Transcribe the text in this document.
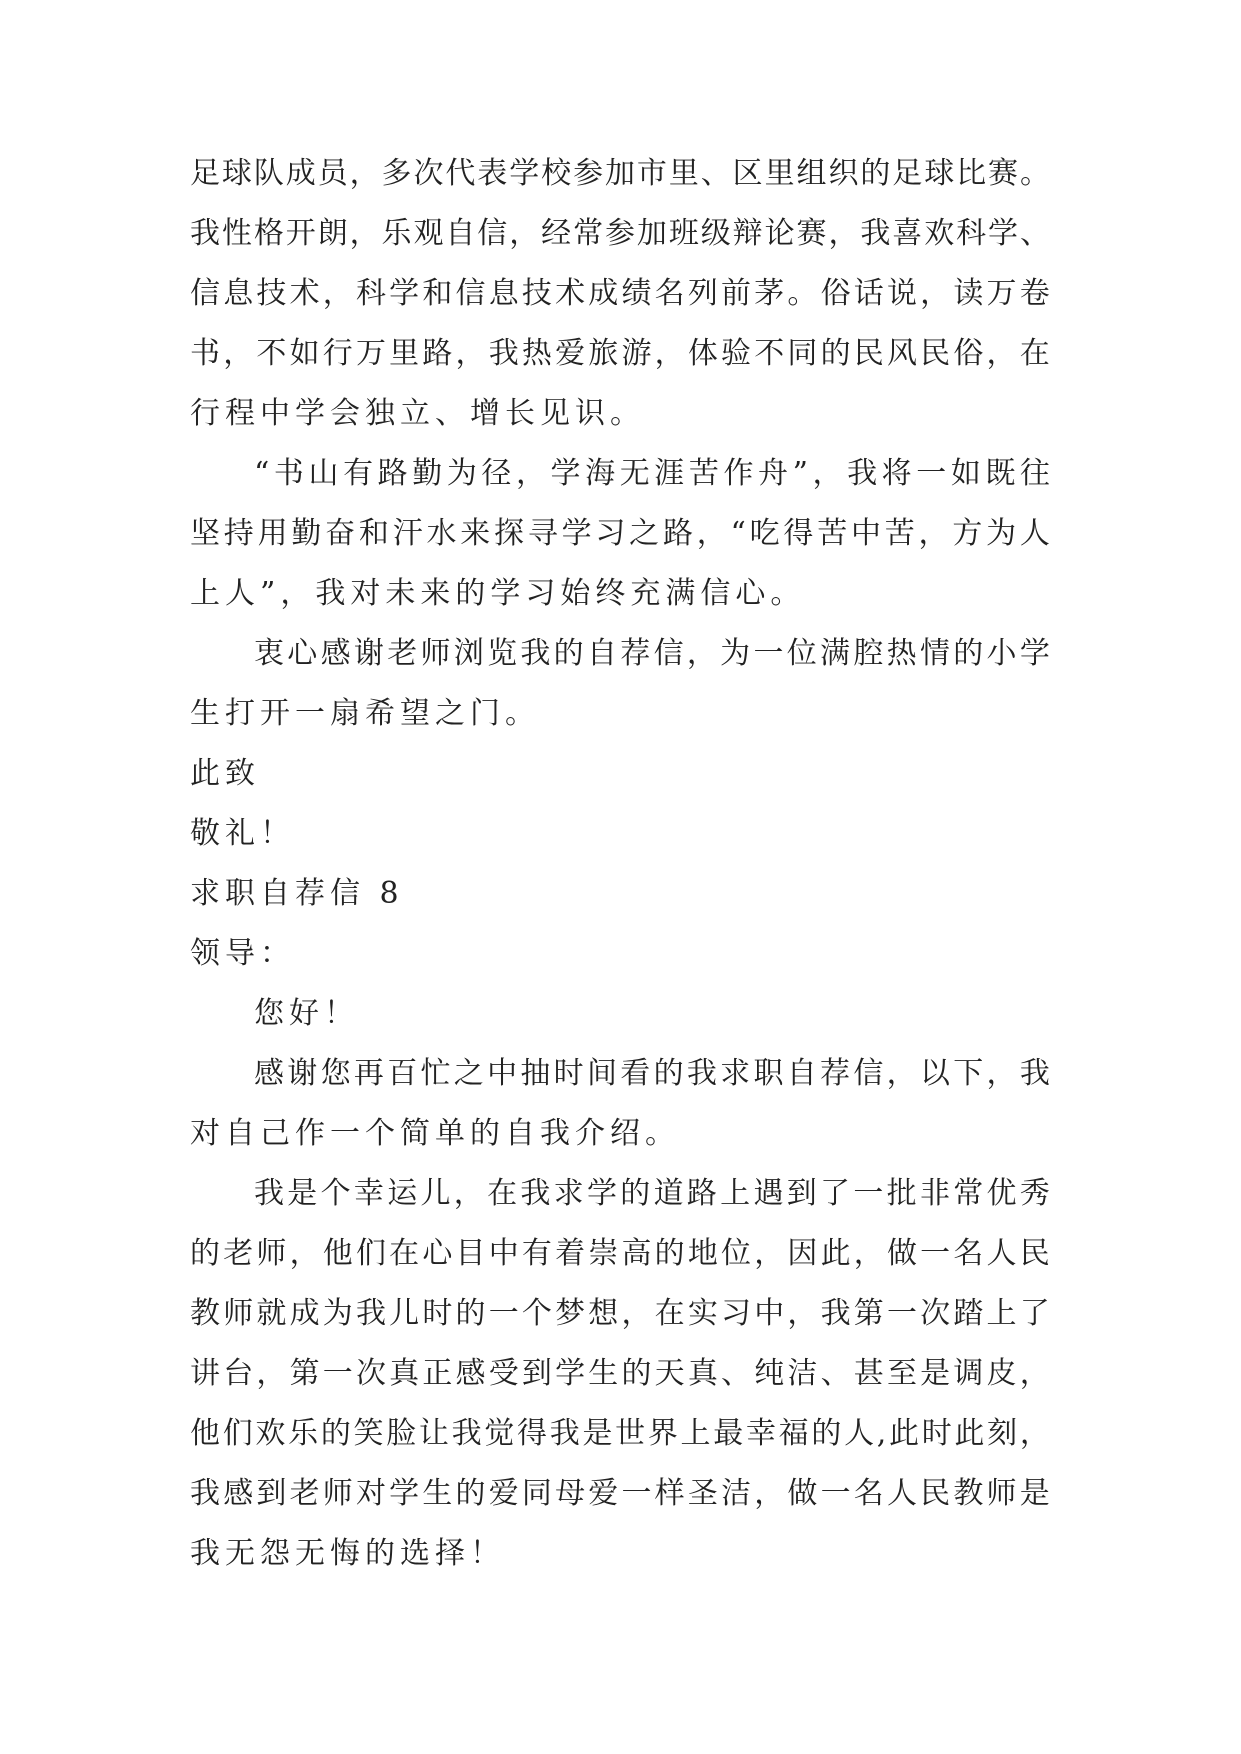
足 球 队 成 员 ， 多 次 代 表 学 校 参 加 市 里 、 区 里 组 织 的 足 球 比 赛 。
我 性 格 开 朗 ， 乐 观 自 信 ， 经 常 参 加 班 级 辩 论 赛 ， 我 喜 欢 科 学 、
信 息 技 术 ， 科 学 和 信 息 技 术 成 绩 名 列 前 茅 。 俗 话 说 ， 读 万 卷
书 ， 不 如 行 万 里 路 ， 我 热 爱 旅 游 ， 体 验 不 同 的 民 风 民 俗 ， 在
行程中学会独立、增长见识。
“ 书 山 有 路 勤 为 径 ， 学 海 无 涯 苦 作 舟 ” ， 我 将 一 如 既 往
坚 持 用 勤 奋 和 汗 水 来 探 寻 学 习 之 路 ， “ 吃 得 苦 中 苦 ， 方 为 人
上人”，我对未来的学习始终充满信心。
衷 心 感 谢 老 师 浏 览 我 的 自 荐 信 ， 为 一 位 满 腔 热 情 的 小 学
生打开一扇希望之门。
此致
敬礼！
求职自荐信 8
领导：
您好！
感 谢 您 再 百 忙 之 中 抽 时 间 看 的 我 求 职 自 荐 信 ， 以 下 ， 我
对自己作一个简单的自我介绍。
我 是 个 幸 运 儿 ， 在 我 求 学 的 道 路 上 遇 到 了 一 批 非 常 优 秀
的 老 师 ， 他 们 在 心 目 中 有 着 崇 高 的 地 位 ， 因 此 ， 做 一 名 人 民
教 师 就 成 为 我 儿 时 的 一 个 梦 想 ， 在 实 习 中 ， 我 第 一 次 踏 上 了
讲 台 ， 第 一 次 真 正 感 受 到 学 生 的 天 真 、 纯 洁 、 甚 至 是 调 皮 ，
他 们 欢 乐 的 笑 脸 让 我 觉 得 我 是 世 界 上 最 幸 福 的 人 , 此 时 此 刻 ，
我 感 到 老 师 对 学 生 的 爱 同 母 爱 一 样 圣 洁 ， 做 一 名 人 民 教 师 是
我无怨无悔的选择！
